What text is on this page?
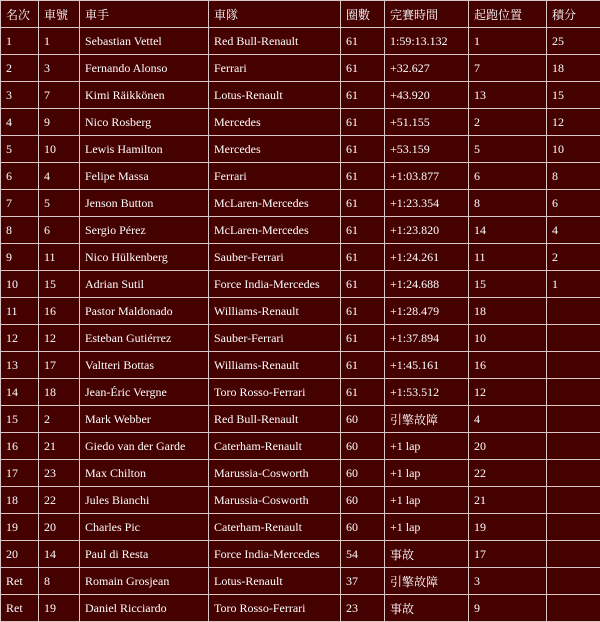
名次	車號	車手	車隊	圈數	完賽時間	起跑位置	積分
1	1	Sebastian Vettel	Red Bull-Renault	61	1:59:13.132	1	25
2	3	Fernando Alonso	Ferrari	61	+32.627	7	18
3	7	Kimi Räikkönen	Lotus-Renault	61	+43.920	13	15
4	9	Nico Rosberg	Mercedes	61	+51.155	2	12
5	10	Lewis Hamilton	Mercedes	61	+53.159	5	10
6	4	Felipe Massa	Ferrari	61	+1:03.877	6	8
7	5	Jenson Button	McLaren-Mercedes	61	+1:23.354	8	6
8	6	Sergio Pérez	McLaren-Mercedes	61	+1:23.820	14	4
9	11	Nico Hülkenberg	Sauber-Ferrari	61	+1:24.261	11	2
10	15	Adrian Sutil	Force India-Mercedes	61	+1:24.688	15	1
11	16	Pastor Maldonado	Williams-Renault	61	+1:28.479	18	
12	12	Esteban Gutiérrez	Sauber-Ferrari	61	+1:37.894	10	
13	17	Valtteri Bottas	Williams-Renault	61	+1:45.161	16	
14	18	Jean-Éric Vergne	Toro Rosso-Ferrari	61	+1:53.512	12	
15	2	Mark Webber	Red Bull-Renault	60	引擎故障	4	
16	21	Giedo van der Garde	Caterham-Renault	60	+1 lap	20	
17	23	Max Chilton	Marussia-Cosworth	60	+1 lap	22	
18	22	Jules Bianchi	Marussia-Cosworth	60	+1 lap	21	
19	20	Charles Pic	Caterham-Renault	60	+1 lap	19	
20	14	Paul di Resta	Force India-Mercedes	54	事故	17	
Ret	8	Romain Grosjean	Lotus-Renault	37	引擎故障	3	
Ret	19	Daniel Ricciardo	Toro Rosso-Ferrari	23	事故	9	
